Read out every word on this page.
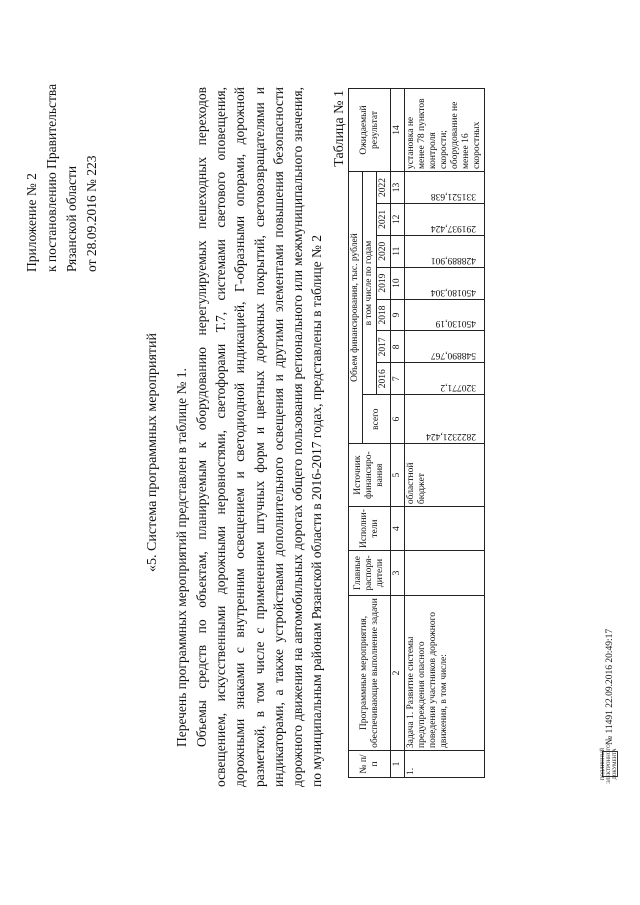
Приложение № 2 к постановлению Правительства Рязанской области от 28.09.2016 № 223
«5. Система программных мероприятий Перечень программных мероприятий представлен в таблице № 1. Объемы средств по объектам, планируемым к оборудованию нерегулируемых пешеходных переходов освещением, искусственными дорожными неровностями, светофорами Т.7, системами светового оповещения, дорожными знаками с внутренним освещением и светодиодной индикацией, Г-образными опорами, дорожной разметкой, в том числе с применением штучных форм и цветных дорожных покрытий, световозвращателями и индикаторами, а также устройствами дополнительного освещения и другими элементами повышения безопасности дорожного движения на автомобильных дорогах общего пользования регионального или межмуниципального значения, по муниципальным районам Рязанской области в 2016-2017 годах, представлены в таблице № 2
Таблица № 1
№ п/п	Программные мероприятия, обеспечивающие выполнение задачи	Главные распоря-дители	Исполни-тели	Источник финансиро-вания	Объем финансирования, тыс. рублей								Ожидаемый результат
					всего	в том числе по годам							
						2016	2017	2018	2019	2020	2021	2022	
1	2	3	4	5	6	7	8	9	10	11	12	13	14
1.	Задача 1. Развитие системы предупреждения опасного поведения участников дорожного движения, в том числе:			областной бюджет	2822321,424	320771,2	548890,767	450130,19	450180,304	428889,901	291937,424	331521,638	установка не менее 78 пунктов контроля скорости; оборудование не менее 16 скоростных
ПОДЛИННЫЙ ЭЛЕКТРОННОГО ДОКУМЕНТА
№ 11491 22.09.2016 20:49:17
